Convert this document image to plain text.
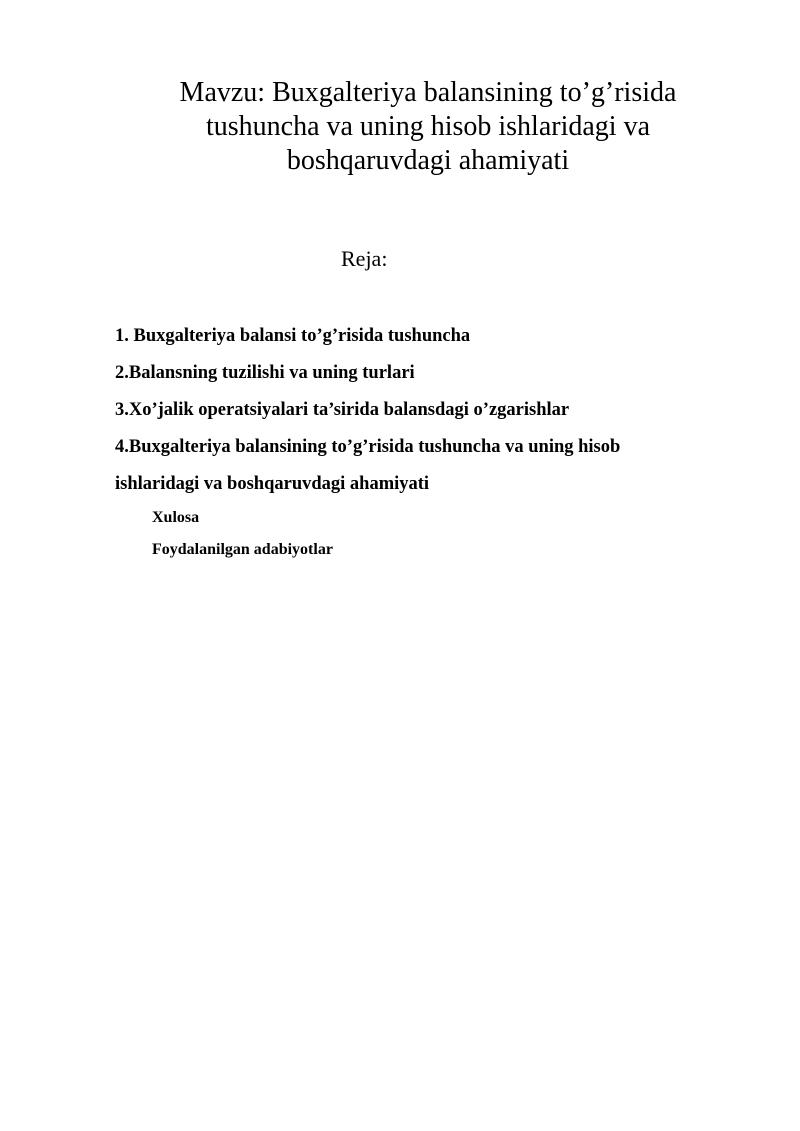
Mavzu: Buxgalteriya balansining to’g’risida tushuncha va uning hisob ishlaridagi va boshqaruvdagi ahamiyati

Reja:

1. Buxgalteriya balansi to’g’risida tushuncha
2.Balansning tuzilishi va uning turlari
3.Xo’jalik operatsiyalari ta’sirida balansdagi o’zgarishlar
4.Buxgalteriya balansining to’g’risida tushuncha va uning hisob
ishlaridagi va boshqaruvdagi ahamiyati
Xulosa
Foydalanilgan adabiyotlar
